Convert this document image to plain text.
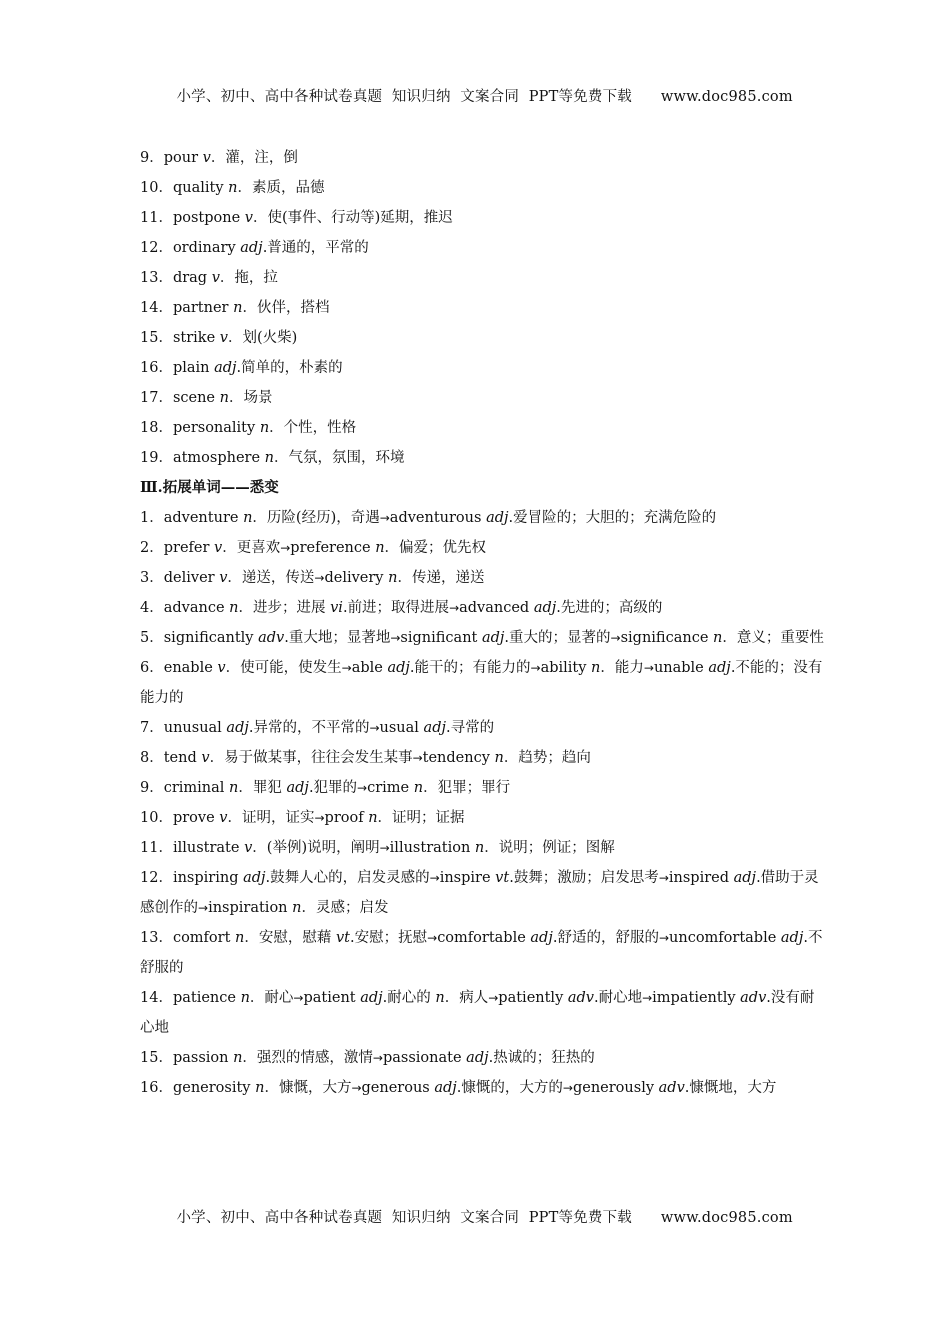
小学、初中、高中各种试卷真题  知识归纳  文案合同  PPT等免费下载 www.doc985.com

9．pour v．灌，注，倒
10．quality n．素质，品德
11．postpone v．使(事件、行动等)延期，推迟
12．ordinary adj.普通的，平常的
13．drag v．拖，拉
14．partner n．伙伴，搭档
15．strike v．划(火柴)
16．plain adj.简单的，朴素的
17．scene n．场景
18．personality n．个性，性格
19．atmosphere n．气氛，氛围，环境
Ⅲ.拓展单词——悉变
1．adventure n．历险(经历)，奇遇→adventurous adj.爱冒险的；大胆的；充满危险的
2．prefer v．更喜欢→preference n．偏爱；优先权
3．deliver v．递送，传送→delivery n．传递，递送
4．advance n．进步；进展 vi.前进；取得进展→advanced adj.先进的；高级的
5．significantly adv.重大地；显著地→significant adj.重大的；显著的→significance n．意义；重要性
6．enable v．使可能，使发生→able adj.能干的；有能力的→ability n．能力→unable adj.不能的；没有能力的
7．unusual adj.异常的，不平常的→usual adj.寻常的
8．tend v．易于做某事，往往会发生某事→tendency n．趋势；趋向
9．criminal n．罪犯 adj.犯罪的→crime n．犯罪；罪行
10．prove v．证明，证实→proof n．证明；证据
11．illustrate v．(举例)说明，阐明→illustration n．说明；例证；图解
12．inspiring adj.鼓舞人心的，启发灵感的→inspire vt.鼓舞；激励；启发思考→inspired adj.借助于灵感创作的→inspiration n．灵感；启发
13．comfort n．安慰，慰藉 vt.安慰；抚慰→comfortable adj.舒适的，舒服的→uncomfortable adj.不舒服的
14．patience n．耐心→patient adj.耐心的 n．病人→patiently adv.耐心地→impatiently adv.没有耐心地
15．passion n．强烈的情感，激情→passionate adj.热诚的；狂热的
16．generosity n．慷慨，大方→generous adj.慷慨的，大方的→generously adv.慷慨地，大方

小学、初中、高中各种试卷真题  知识归纳  文案合同  PPT等免费下载 www.doc985.com
